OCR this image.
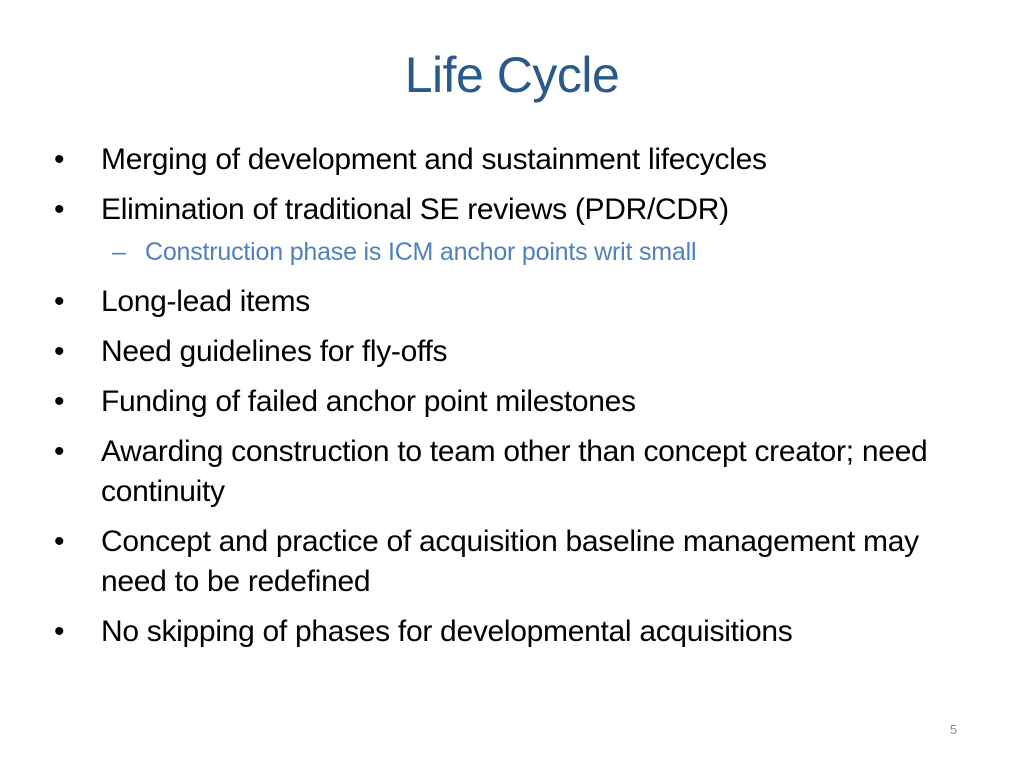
Life Cycle
•	Merging of development and sustainment lifecycles
•	Elimination of traditional SE reviews (PDR/CDR)
– Construction phase is ICM anchor points writ small
•	Long-lead items
•	Need guidelines for fly-offs
•	Funding of failed anchor point milestones
•	Awarding construction to team other than concept creator; need continuity
•	Concept and practice of acquisition baseline management may need to be redefined
•	No skipping of phases for developmental acquisitions
5
